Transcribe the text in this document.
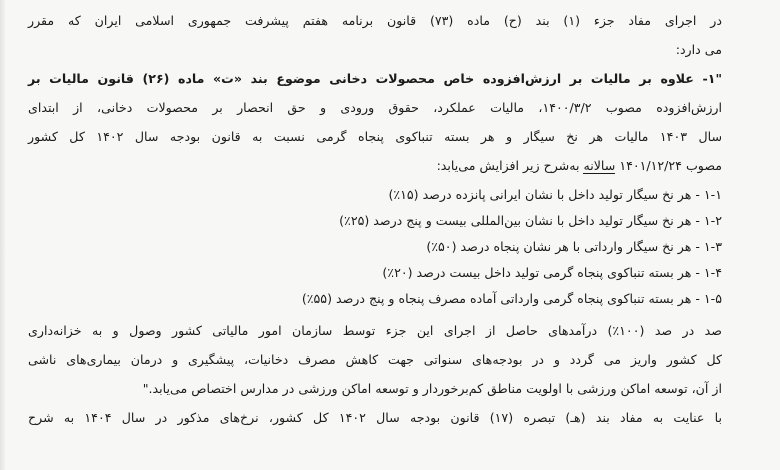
در اجرای مفاد جزء (۱) بند (ح) ماده (۷۳) قانون برنامه هفتم پیشرفت جمهوری اسلامی ایران که مقرر
می دارد:
"۱- علاوه بر مالیات بر ارزش‌افزوده خاص محصولات دخانی موضوع بند «ت» ماده (۲۶) قانون مالیات بر
ارزش‌افزوده مصوب ۱۴۰۰/۳/۲، مالیات عملکرد، حقوق ورودی و حق انحصار بر محصولات دخانی، از ابتدای
سال ۱۴۰۳ مالیات هر نخ سیگار و هر بسته تنباکوی پنجاه گرمی نسبت به قانون بودجه سال ۱۴۰۲ کل کشور
مصوب ۱۴۰۱/۱۲/۲۴ سالانه به‌شرح زیر افزایش می‌یابد:
۱-۱ - هر نخ سیگار تولید داخل با نشان ایرانی پانزده درصد (۱۵٪)
۱-۲ - هر نخ سیگار تولید داخل با نشان بین‌المللی بیست و پنج درصد (۲۵٪)
۱-۳ - هر نخ سیگار وارداتی با هر نشان پنجاه درصد (۵۰٪)
۱-۴ - هر بسته تنباکوی پنجاه گرمی تولید داخل بیست درصد (۲۰٪)
۱-۵ - هر بسته تنباکوی پنجاه گرمی وارداتی آماده مصرف پنجاه و پنج درصد (۵۵٪)
صد در صد (۱۰۰٪) درآمدهای حاصل از اجرای این جزء توسط سازمان امور مالیاتی کشور وصول و به خزانه‌داری
کل کشور واریز می گردد و در بودجه‌های سنواتی جهت کاهش مصرف دخانیات، پیشگیری و درمان بیماری‌های ناشی
از آن، توسعه اماکن ورزشی با اولویت مناطق کم‌برخوردار و توسعه اماکن ورزشی در مدارس اختصاص می‌یابد."
با عنایت به مفاد بند (هـ) تبصره (۱۷) قانون بودجه سال ۱۴۰۲ کل کشور، نرخ‌های مذکور در سال ۱۴۰۴ به شرح
